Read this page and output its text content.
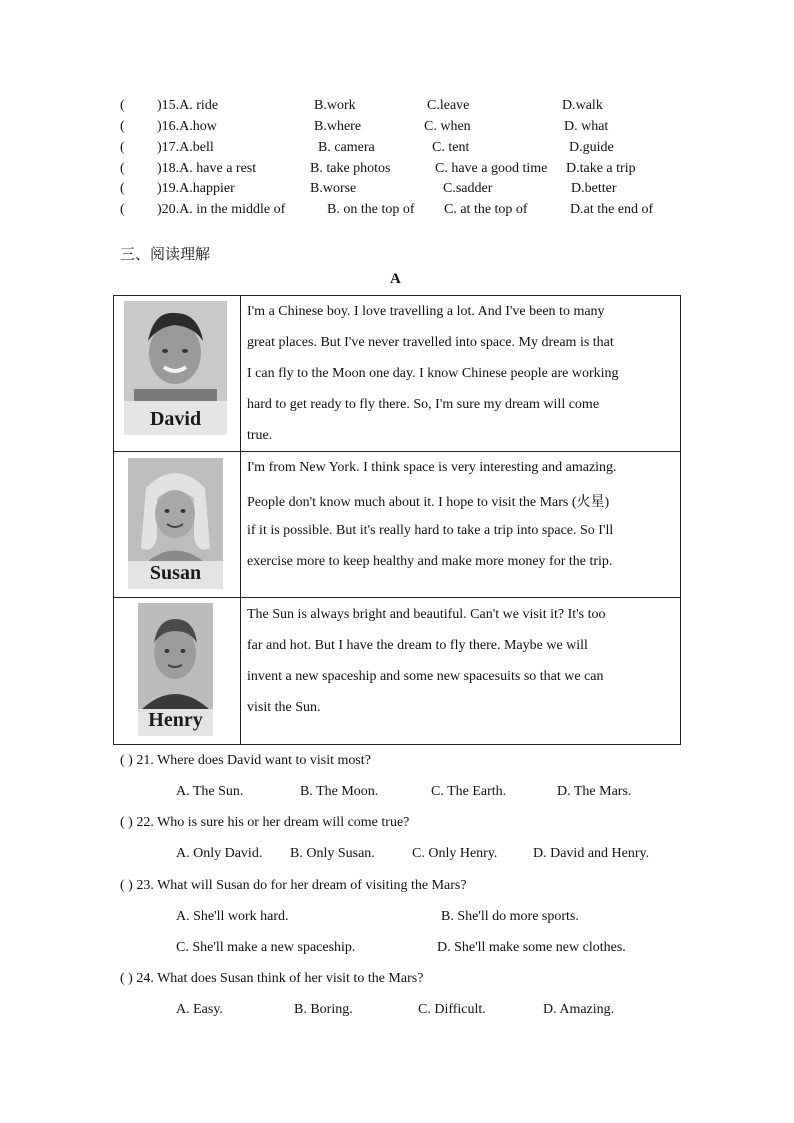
( )15.A. ride	B.work	C.leave	D.walk
( )16.A.how	B.where	C. when	D. what
( )17.A.bell	B. camera	C. tent	D.guide
( )18.A. have a rest	B. take photos	C. have a good time D.take a trip
( )19.A.happier	B.worse	C.sadder	D.better
( )20.A. in the middle of	B. on the top of C. at the top of	D.at the end of
三、阅读理解
A
David
I'm a Chinese boy. I love travelling a lot. And I've been to many
great places. But I've never travelled into space. My dream is that
I can fly to the Moon one day. I know Chinese people are working
hard to get ready to fly there. So, I'm sure my dream will come
true.
Susan
I'm from New York. I think space is very interesting and amazing.
People don't know much about it. I hope to visit the Mars (火星)
if it is possible. But it's really hard to take a trip into space. So I'll
exercise more to keep healthy and make more money for the trip.
Henry
The Sun is always bright and beautiful. Can't we visit it? It's too
far and hot. But I have the dream to fly there. Maybe we will
invent a new spaceship and some new spacesuits so that we can
visit the Sun.
( ) 21. Where does David want to visit most?
A. The Sun.	B. The Moon.	C. The Earth.	D. The Mars.
( ) 22. Who is sure his or her dream will come true?
A. Only David. B. Only Susan.	C. Only Henry.	D. David and Henry.
( ) 23. What will Susan do for her dream of visiting the Mars?
A. She'll work hard.	B. She'll do more sports.
C. She'll make a new spaceship.	D. She'll make some new clothes.
( ) 24. What does Susan think of her visit to the Mars?
A. Easy.	B. Boring.	C. Difficult.	D. Amazing.
